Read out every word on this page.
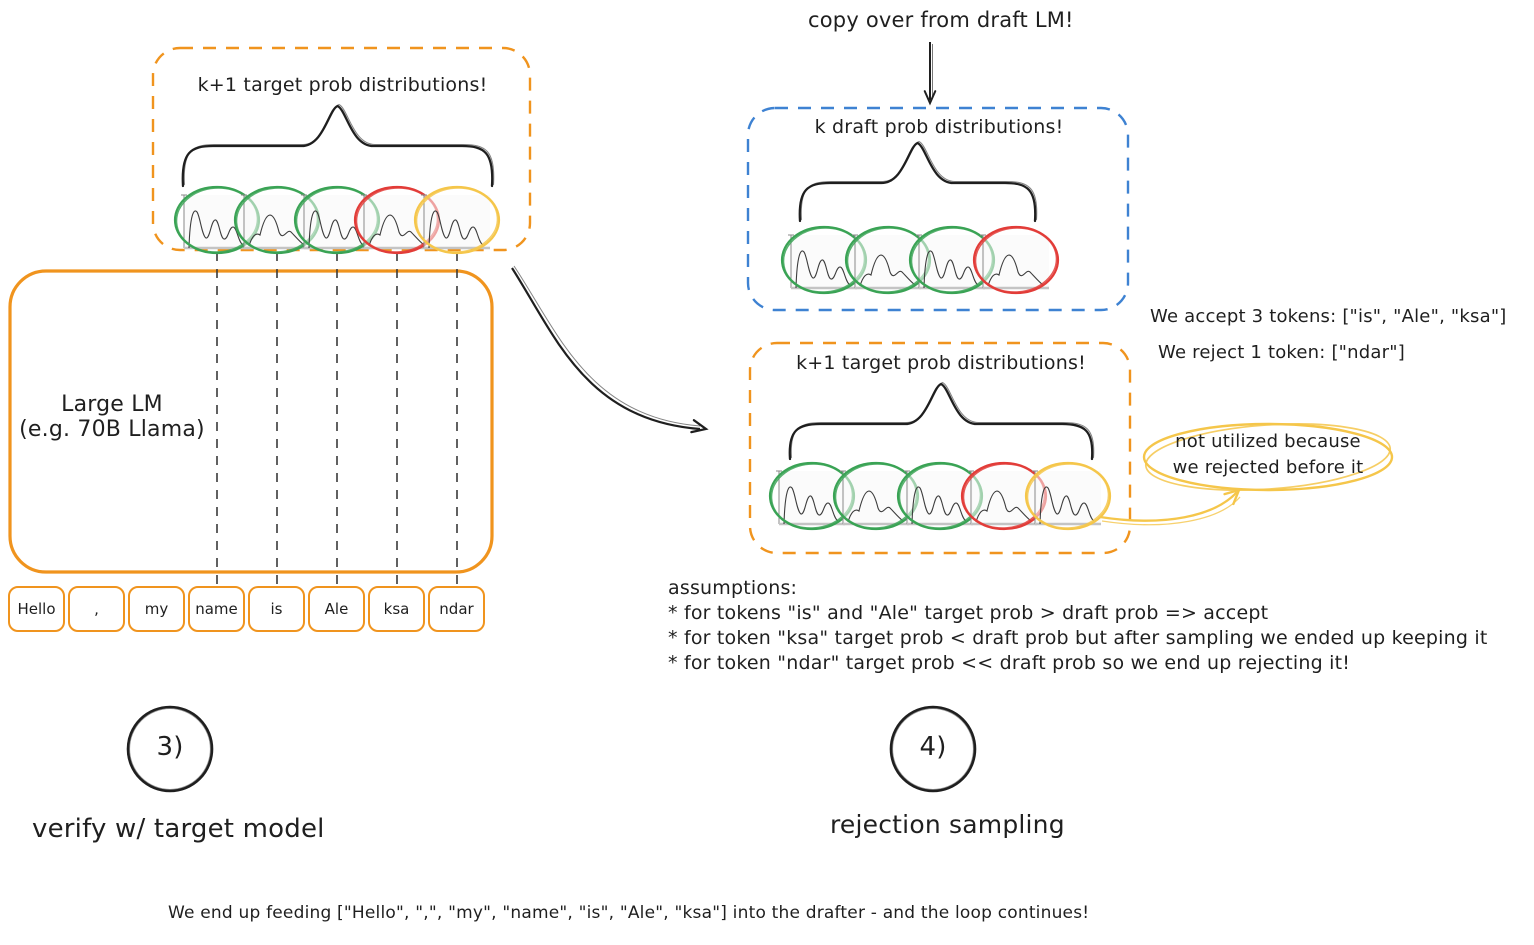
copy over from draft LM!
k+1 target prob distributions!
k draft prob distributions!
k+1 target prob distributions!
Large LM
(e.g. 70B Llama)
Hello	,	my name is	Ale ksa ndar
We accept 3 tokens: ["is", "Ale", "ksa"]
We reject 1 token: ["ndar"]
not utilized because
we rejected before it
assumptions:
* for tokens "is" and "Ale" target prob > draft prob => accept
* for token "ksa" target prob < draft prob but after sampling we ended up keeping it
* for token "ndar" target prob << draft prob so we end up rejecting it!
3)
verify w/ target model
4)
rejection sampling
We end up feeding ["Hello", ",", "my", "name", "is", "Ale", "ksa"] into the drafter - and the loop continues!
